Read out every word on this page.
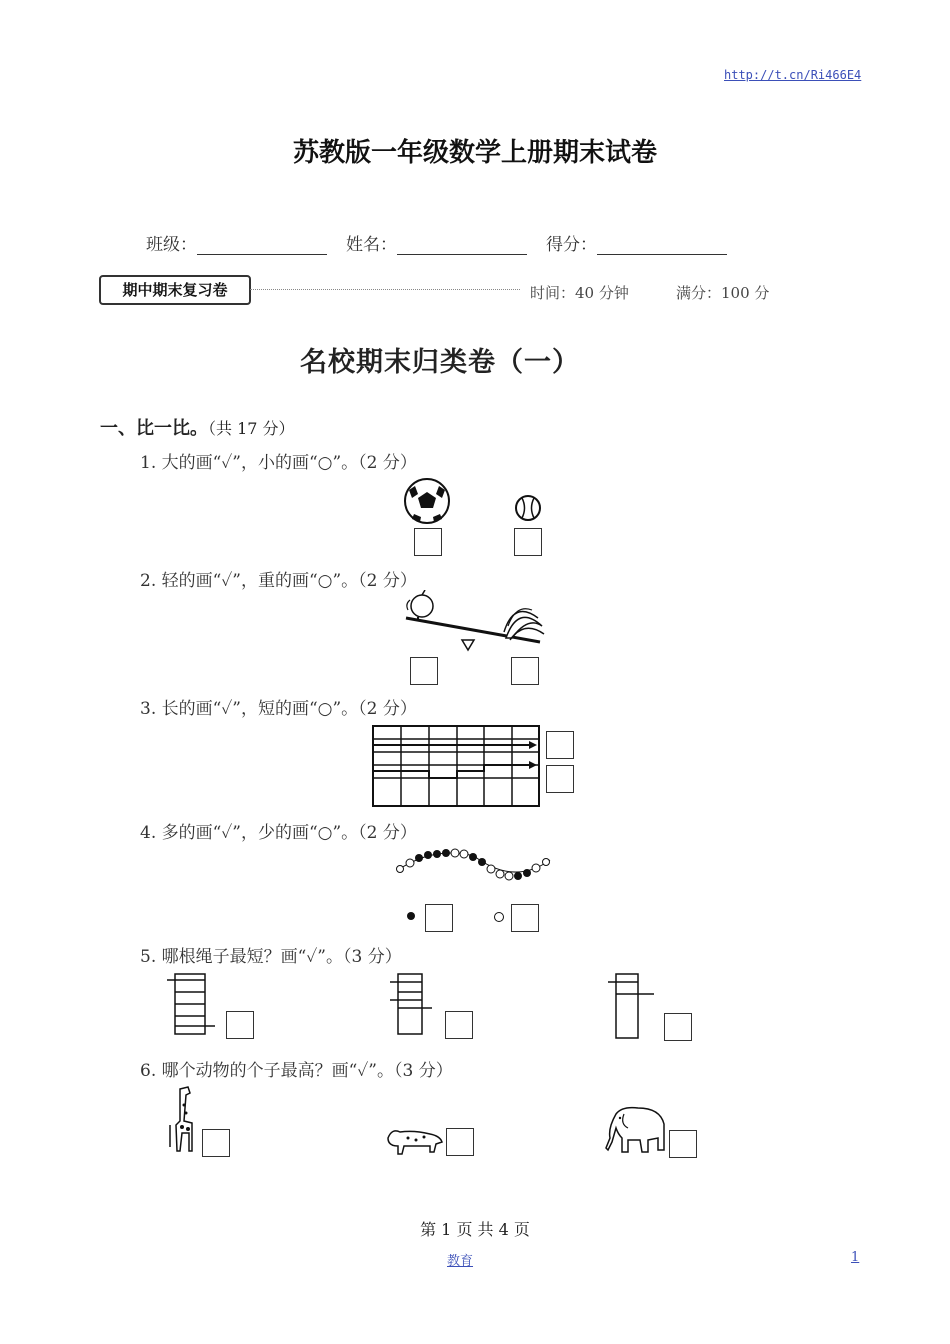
http://t.cn/Ri466E4
苏教版一年级数学上册期末试卷
班级：	姓名：	得分：
期中期末复习卷	时间：40 分钟	满分：100 分
名校期末归类卷（一）
一、比一比。（共 17 分）
1. 大的画“✓”，小的画“○”。（2 分）
2. 轻的画“✓”，重的画“○”。（2 分）
3. 长的画“✓”，短的画“○”。（2 分）
4. 多的画“✓”，少的画“○”。（2 分）
5. 哪根绳子最短？画“✓”。（3 分）
6. 哪个动物的个子最高？画“✓”。（3 分）
第 1 页 共 4 页
教育	1
